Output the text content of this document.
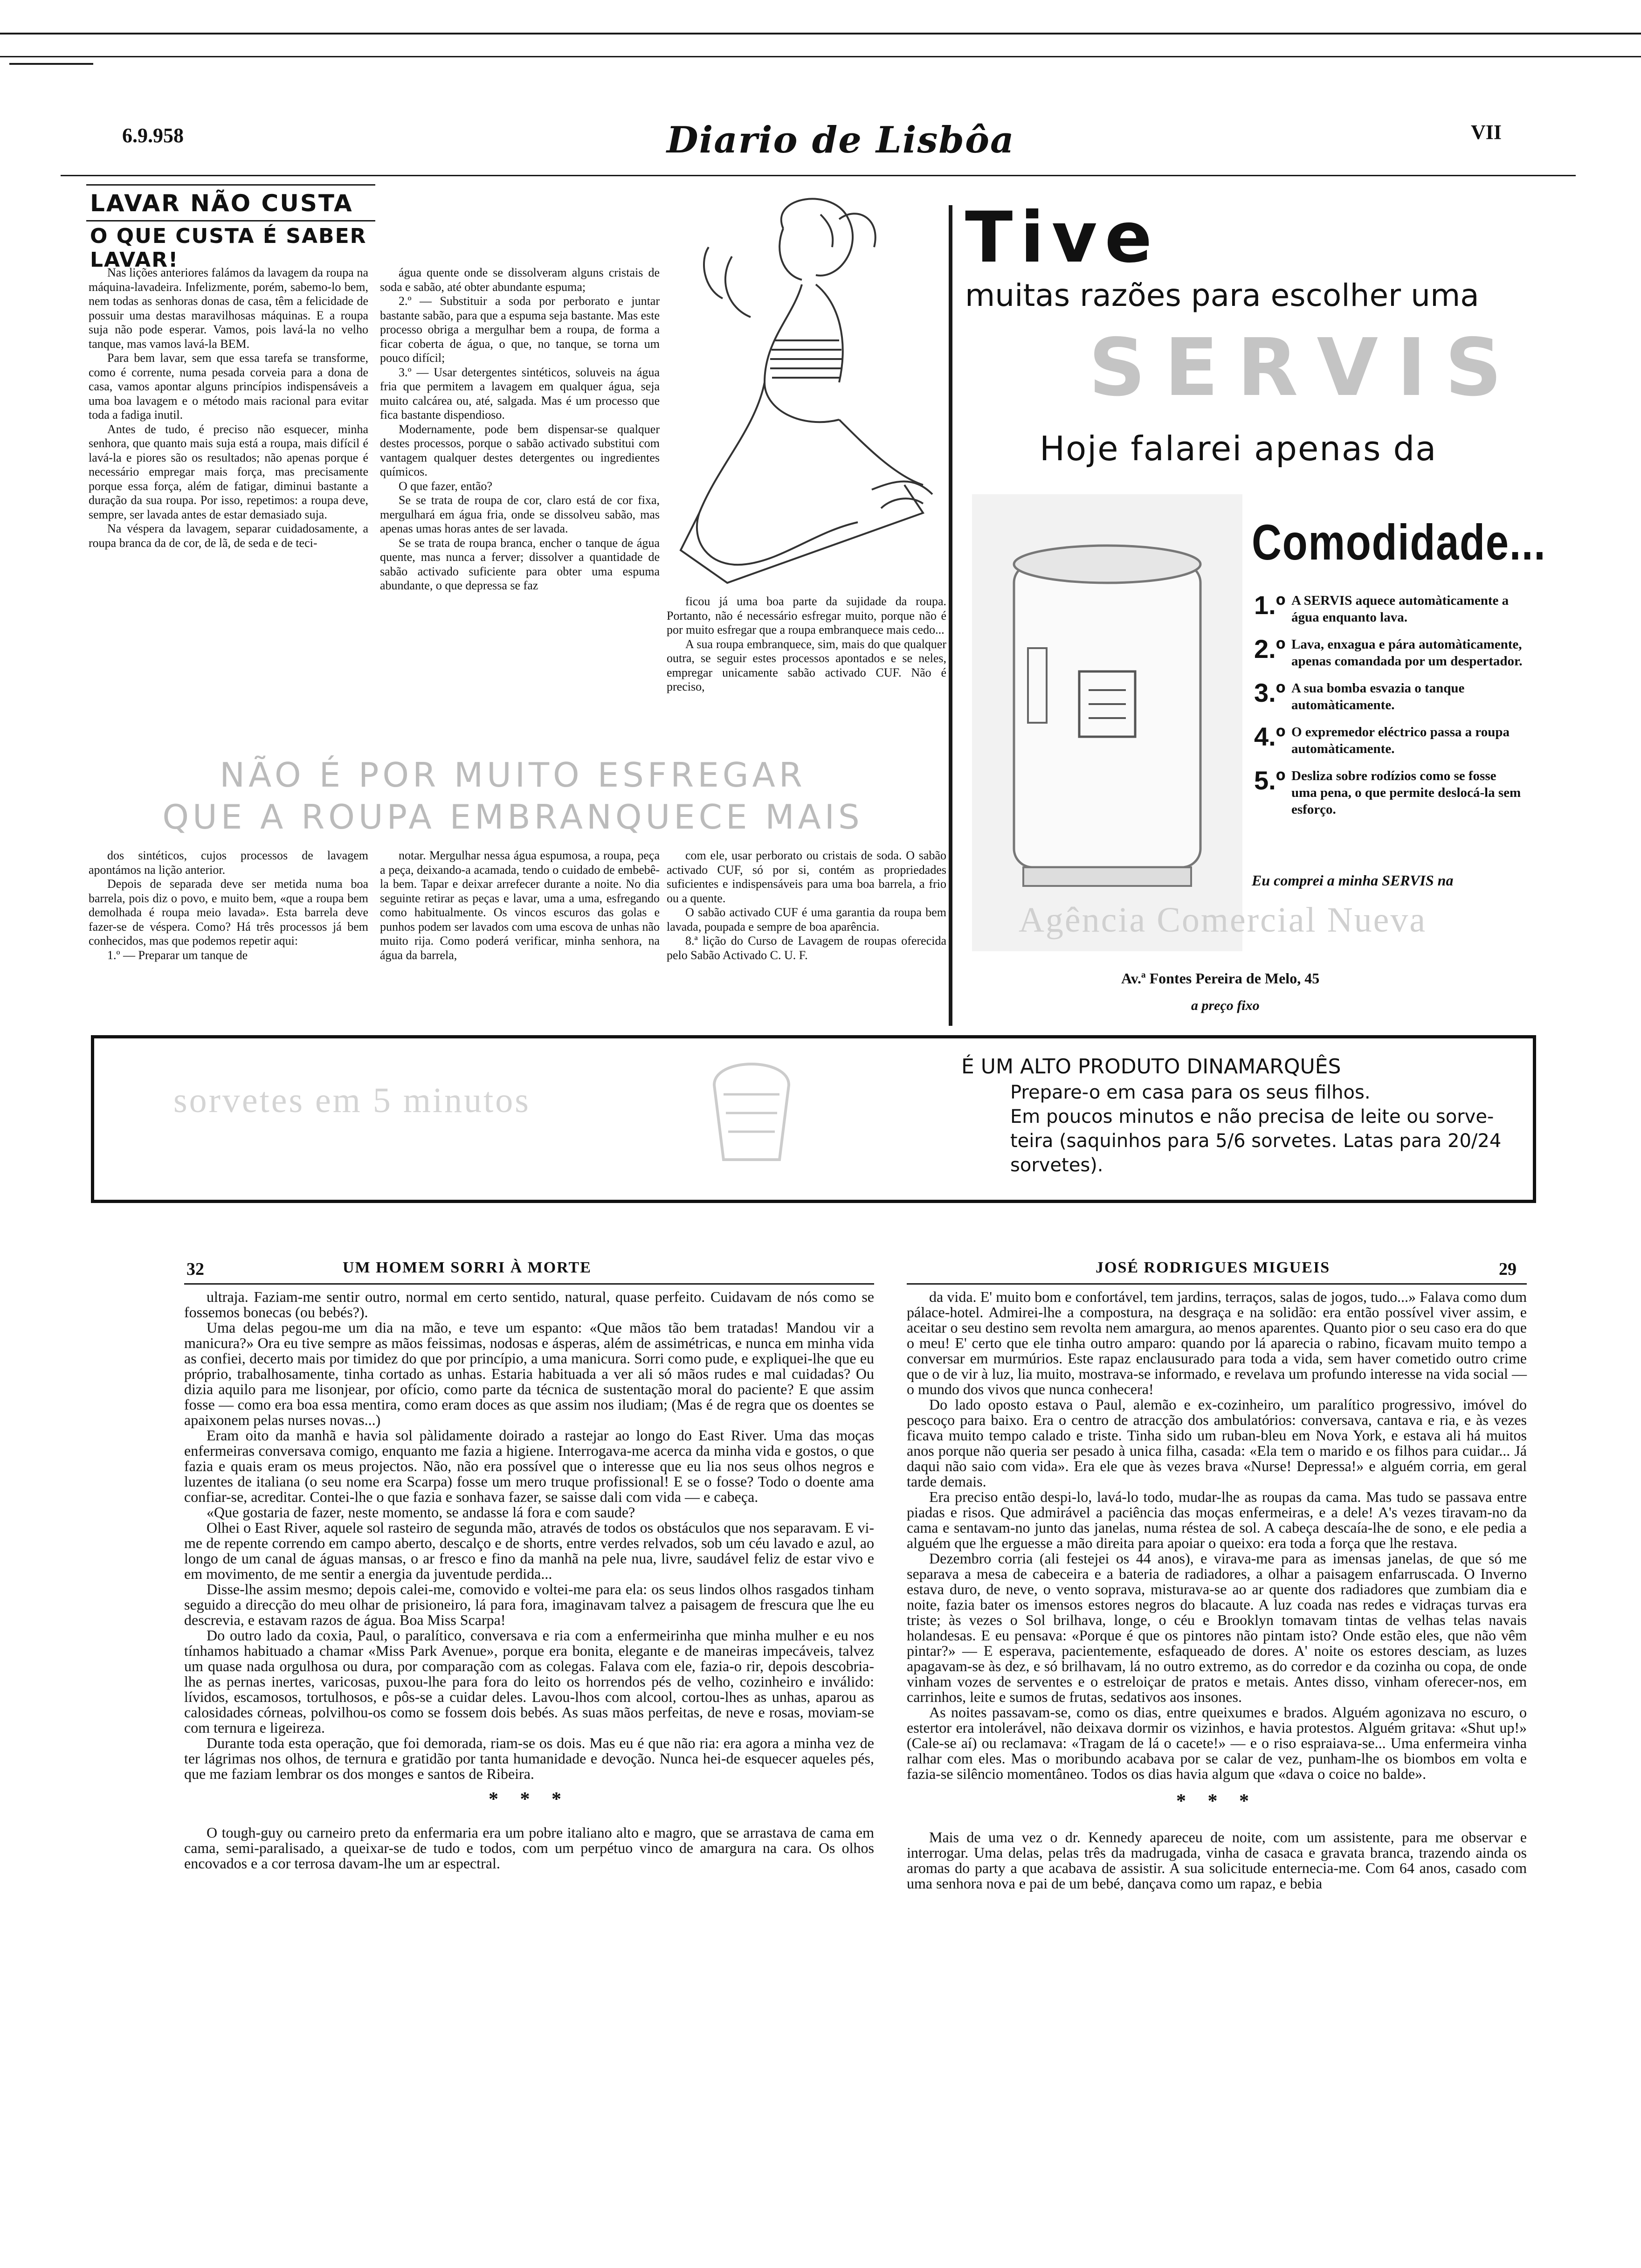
6.9.958	Diario de Lisbôa	VII
LAVAR NÃO CUSTA
O QUE CUSTA É SABER LAVAR!

Nas lições anteriores falámos da lavagem da roupa na máquina-lavadeira. Infelizmente, porém, sabemo-lo bem, nem todas as senhoras donas de casa, têm a felicidade de possuir uma destas maravilhosas máquinas. E a roupa suja não pode esperar. Vamos, pois lavá-la no velho tanque, mas vamos lavá-la BEM.

Para bem lavar, sem que essa tarefa se transforme, como é corrente, numa pesada corveia para a dona de casa, vamos apontar alguns princípios indispensáveis a uma boa lavagem e o método mais racional para evitar toda a fadiga inutil.

Antes de tudo, é preciso não esquecer, minha senhora, que quanto mais suja está a roupa, mais difícil é lavá-la e piores são os resultados; não apenas porque é necessário empregar mais força, mas precisamente porque essa força, além de fatigar, diminui bastante a duração da sua roupa. Por isso, repetimos: a roupa deve, sempre, ser lavada antes de estar demasiado suja.

Na véspera da lavagem, separar cuidadosamente, a roupa branca da de cor, de lã, de seda e de teci-

água quente onde se dissolveram alguns cristais de soda e sabão, até obter abundante espuma;

2.º — Substituir a soda por perborato e juntar bastante sabão, para que a espuma seja bastante. Mas este processo obriga a mergulhar bem a roupa, de forma a ficar coberta de água, o que, no tanque, se torna um pouco difícil;

3.º — Usar detergentes sintéticos, soluveis na água fria que permitem a lavagem em qualquer água, seja muito calcárea ou, até, salgada. Mas é um processo que fica bastante dispendioso.

Modernamente, pode bem dispensar-se qualquer destes processos, porque o sabão activado substitui com vantagem qualquer destes detergentes ou ingredientes químicos.

O que fazer, então?

Se se trata de roupa de cor, claro está de cor fixa, mergulhará em água fria, onde se dissolveu sabão, mas apenas umas horas antes de ser lavada.

Se se trata de roupa branca, encher o tanque de água quente, mas nunca a ferver; dissolver a quantidade de sabão activado suficiente para obter uma espuma abundante, o que depressa se faz

ficou já uma boa parte da sujidade da roupa. Portanto, não é necessário esfregar muito, porque não é por muito esfregar que a roupa embranquece mais cedo...

A sua roupa embranquece, sim, mais do que qualquer outra, se seguir estes processos apontados e se neles, empregar unicamente sabão activado CUF. Não é preciso,

NÃO É POR MUITO ESFREGAR
QUE A ROUPA EMBRANQUECE MAIS

dos sintéticos, cujos processos de lavagem apontámos na lição anterior.

Depois de separada deve ser metida numa boa barrela, pois diz o povo, e muito bem, «que a roupa bem demolhada é roupa meio lavada». Esta barrela deve fazer-se de véspera. Como? Há três processos já bem conhecidos, mas que podemos repetir aqui:

1.º — Preparar um tanque de

notar. Mergulhar nessa água espumosa, a roupa, peça a peça, deixando-a acamada, tendo o cuidado de embebê-la bem. Tapar e deixar arrefecer durante a noite. No dia seguinte retirar as peças e lavar, uma a uma, esfregando como habitualmente. Os vincos escuros das golas e punhos podem ser lavados com uma escova de unhas não muito rija. Como poderá verificar, minha senhora, na água da barrela,

com ele, usar perborato ou cristais de soda. O sabão activado CUF, só por si, contém as propriedades suficientes e indispensáveis para uma boa barrela, a frio ou a quente.

O sabão activado CUF é uma garantia da roupa bem lavada, poupada e sempre de boa aparência.

8.ª lição do Curso de Lavagem de roupas oferecida pelo Sabão Activado C. U. F.

Tive
muitas razões para escolher uma
SERVIS
Hoje falarei apenas da
Comodidade...
1.º A SERVIS aquece automàticamente a água enquanto lava.
2.º Lava, enxagua e pára automàticamente, apenas comandada por um despertador.
3.º A sua bomba esvazia o tanque automàticamente.
4.º O expremedor eléctrico passa a roupa automàticamente.
5.º Desliza sobre rodízios como se fosse uma pena, o que permite deslocá-la sem esforço.
Eu comprei a minha SERVIS na
Agência Comercial Nueva
Av.ª Fontes Pereira de Melo, 45
a preço fixo
sorvetes em 5 minutos
É UM ALTO PRODUTO DINAMARQUÊS
Prepare-o em casa para os seus filhos.
Em poucos minutos e não precisa de leite ou sorve-
teira (saquinhos para 5/6 sorvetes. Latas para 20/24
sorvetes).
32	UM HOMEM SORRI À MORTE

ultraja. Faziam-me sentir outro, normal em certo sentido, natural, quase perfeito. Cuidavam de nós como se fossemos bonecas (ou bebés?).

Uma delas pegou-me um dia na mão, e teve um espanto: «Que mãos tão bem tratadas! Mandou vir a manicura?» Ora eu tive sempre as mãos feissimas, nodosas e ásperas, além de assimétricas, e nunca em minha vida as confiei, decerto mais por timidez do que por princípio, a uma manicura. Sorri como pude, e expliquei-lhe que eu próprio, trabalhosamente, tinha cortado as unhas. Estaria habituada a ver ali só mãos rudes e mal cuidadas? Ou dizia aquilo para me lisonjear, por ofício, como parte da técnica de sustentação moral do paciente? E que assim fosse — como era boa essa mentira, como eram doces as que assim nos iludiam; (Mas é de regra que os doentes se apaixonem pelas nurses novas...)

Eram oito da manhã e havia sol pàlidamente doirado a rastejar ao longo do East River. Uma das moças enfermeiras conversava comigo, enquanto me fazia a higiene. Interrogava-me acerca da minha vida e gostos, o que fazia e quais eram os meus projectos. Não, não era possível que o interesse que eu lia nos seus olhos negros e luzentes de italiana (o seu nome era Scarpa) fosse um mero truque profissional! E se o fosse? Todo o doente ama confiar-se, acreditar. Contei-lhe o que fazia e sonhava fazer, se saisse dali com vida — e cabeça.

«Que gostaria de fazer, neste momento, se andasse lá fora e com saude?

Olhei o East River, aquele sol rasteiro de segunda mão, através de todos os obstáculos que nos separavam. E vi-me de repente correndo em campo aberto, descalço e de shorts, entre verdes relvados, sob um céu lavado e azul, ao longo de um canal de águas mansas, o ar fresco e fino da manhã na pele nua, livre, saudável feliz de estar vivo e em movimento, de me sentir a energia da juventude perdida...

Disse-lhe assim mesmo; depois calei-me, comovido e voltei-me para ela: os seus lindos olhos rasgados tinham seguido a direcção do meu olhar de prisioneiro, lá para fora, imaginavam talvez a paisagem de frescura que lhe eu descrevia, e estavam razos de água. Boa Miss Scarpa!

Do outro lado da coxia, Paul, o paralítico, conversava e ria com a enfermeirinha que minha mulher e eu nos tínhamos habituado a chamar «Miss Park Avenue», porque era bonita, elegante e de maneiras impecáveis, talvez um quase nada orgulhosa ou dura, por comparação com as colegas. Falava com ele, fazia-o rir, depois descobria-lhe as pernas inertes, varicosas, puxou-lhe para fora do leito os horrendos pés de velho, cozinheiro e inválido: lívidos, escamosos, tortulhosos, e pôs-se a cuidar deles. Lavou-lhos com alcool, cortou-lhes as unhas, aparou as calosidades córneas, polvilhou-os como se fossem dois bebés. As suas mãos perfeitas, de neve e rosas, moviam-se com ternura e ligeireza.

Durante toda esta operação, que foi demorada, riam-se os dois. Mas eu é que não ria: era agora a minha vez de ter lágrimas nos olhos, de ternura e gratidão por tanta humanidade e devoção. Nunca hei-de esquecer aqueles pés, que me faziam lembrar os dos monges e santos de Ribeira.

* * *

O tough-guy ou carneiro preto da enfermaria era um pobre italiano alto e magro, que se arrastava de cama em cama, semi-paralisado, a queixar-se de tudo e todos, com um perpétuo vinco de amargura na cara. Os olhos encovados e a cor terrosa davam-lhe um ar espectral.

JOSÉ RODRIGUES MIGUEIS	29

da vida. E' muito bom e confortável, tem jardins, terraços, salas de jogos, tudo...» Falava como dum pálace-hotel. Admirei-lhe a compostura, na desgraça e na solidão: era então possível viver assim, e aceitar o seu destino sem revolta nem amargura, ao menos aparentes. Quanto pior o seu caso era do que o meu! E' certo que ele tinha outro amparo: quando por lá aparecia o rabino, ficavam muito tempo a conversar em murmúrios. Este rapaz enclausurado para toda a vida, sem haver cometido outro crime que o de vir à luz, lia muito, mostrava-se informado, e revelava um profundo interesse na vida social — o mundo dos vivos que nunca conhecera!

Do lado oposto estava o Paul, alemão e ex-cozinheiro, um paralítico progressivo, imóvel do pescoço para baixo. Era o centro de atracção dos ambulatórios: conversava, cantava e ria, e às vezes ficava muito tempo calado e triste. Tinha sido um ruban-bleu em Nova York, e estava ali há muitos anos porque não queria ser pesado à unica filha, casada: «Ela tem o marido e os filhos para cuidar... Já daqui não saio com vida». Era ele que às vezes brava «Nurse! Depressa!» e alguém corria, em geral tarde demais.

Era preciso então despi-lo, lavá-lo todo, mudar-lhe as roupas da cama. Mas tudo se passava entre piadas e risos. Que admirável a paciência das moças enfermeiras, e a dele! A's vezes tiravam-no da cama e sentavam-no junto das janelas, numa réstea de sol. A cabeça descaía-lhe de sono, e ele pedia a alguém que lhe erguesse a mão direita para apoiar o queixo: era toda a força que lhe restava.

Dezembro corria (ali festejei os 44 anos), e virava-me para as imensas janelas, de que só me separava a mesa de cabeceira e a bateria de radiadores, a olhar a paisagem enfarruscada. O Inverno estava duro, de neve, o vento soprava, misturava-se ao ar quente dos radiadores que zumbiam dia e noite, fazia bater os imensos estores negros do blacaute. A luz coada nas redes e vidraças turvas era triste; às vezes o Sol brilhava, longe, o céu e Brooklyn tomavam tintas de velhas telas navais holandesas. E eu pensava: «Porque é que os pintores não pintam isto? Onde estão eles, que não vêm pintar?» — E esperava, pacientemente, esfaqueado de dores. A' noite os estores desciam, as luzes apagavam-se às dez, e só brilhavam, lá no outro extremo, as do corredor e da cozinha ou copa, de onde vinham vozes de serventes e o estreloiçar de pratos e metais. Antes disso, vinham oferecer-nos, em carrinhos, leite e sumos de frutas, sedativos aos insones.

As noites passavam-se, como os dias, entre queixumes e brados. Alguém agonizava no escuro, o estertor era intolerável, não deixava dormir os vizinhos, e havia protestos. Alguém gritava: «Shut up!» (Cale-se aí) ou reclamava: «Tragam de lá o cacete!» — e o riso espraiava-se... Uma enfermeira vinha ralhar com eles. Mas o moribundo acabava por se calar de vez, punham-lhe os biombos em volta e fazia-se silêncio momentâneo. Todos os dias havia algum que «dava o coice no balde».

* * *

Mais de uma vez o dr. Kennedy apareceu de noite, com um assistente, para me observar e interrogar. Uma delas, pelas três da madrugada, vinha de casaca e gravata branca, trazendo ainda os aromas do party a que acabava de assistir. A sua solicitude enternecia-me. Com 64 anos, casado com uma senhora nova e pai de um bebé, dançava como um rapaz, e bebia
